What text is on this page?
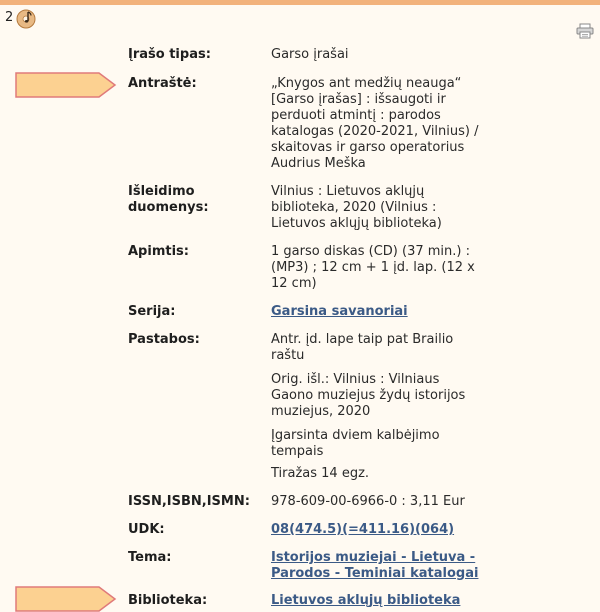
2
Įrašo tipas:	Garso įrašai
Antraštė:	„Knygos ant medžių neauga“
[Garso įrašas] : išsaugoti ir
perduoti atmintį : parodos
katalogas (2020-2021, Vilnius) /
skaitovas ir garso operatorius
Audrius Meška
Išleidimo
duomenys:
Vilnius : Lietuvos aklųjų
biblioteka, 2020 (Vilnius :
Lietuvos aklųjų biblioteka)
Apimtis:	1 garso diskas (CD) (37 min.) :
(MP3) ; 12 cm + 1 įd. lap. (12 x
12 cm)
Serija:	Garsina savanoriai
Pastabos:	Antr. įd. lape taip pat Brailio
raštu
Orig. išl.: Vilnius : Vilniaus
Gaono muziejus žydų istorijos
muziejus, 2020
Įgarsinta dviem kalbėjimo
tempais
Tiražas 14 egz.
ISSN,ISBN,ISMN:	978-609-00-6966-0 : 3,11 Eur
UDK:	08(474.5)(=411.16)(064)
Tema:	Istorijos muziejai - Lietuva -
Parodos - Teminiai katalogai
Biblioteka:	Lietuvos aklųjų biblioteka
